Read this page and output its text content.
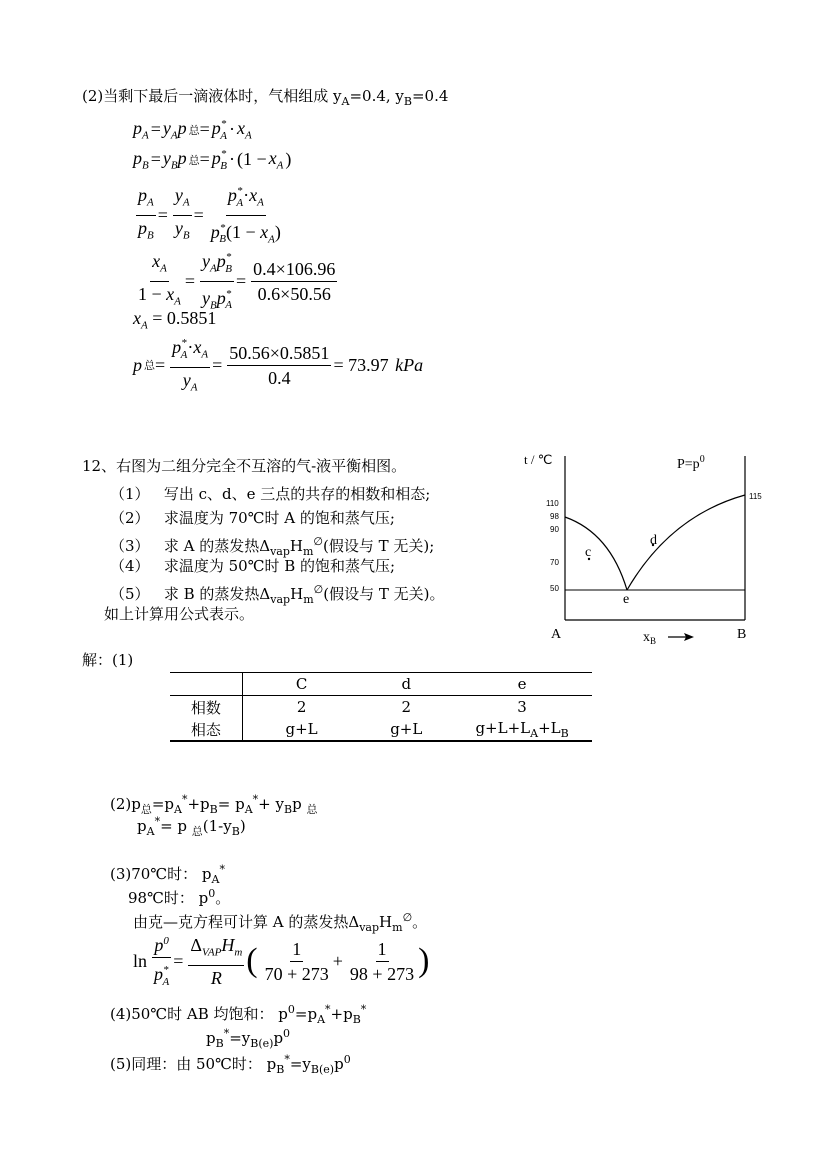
(2)当剩下最后一滴液体时，气相组成 $y_A=0.4$, $y_B=0.4$
$p_A = y_Ap$ 总 = $p^*_A \cdot x_A$
$p_B = y_Bp$ 总 = $p^*_B \cdot (1 - x_A$ )
$\frac{p_A}{p_B} = \frac{y_A}{y_B} = \frac{p^*_A\cdot x_A}{p^*_B(1 - x_A)}$
$\frac{x_A}{1 - x_A} = \frac{y_Ap^*_B}{y_Bp^*_A} = \frac{0.4\times 106.96}{0.6\times 50.56}$
$x_A = 0.5851$
p 总 = $\frac{p^*_A\cdot x_A}{y_A} = \frac{50.56\times 0.5851}{0.4} = 73.97$
kPa
12、右图为二组分完全不互溶的气-液平衡相图。
（1） 写出 c、d、e 三点的共存的相数和相态;
（2） 求温度为 70℃时 A 的饱和蒸气压;
（3） 求 A 的蒸发热$\Delta_{vap}H_m^\emptyset$(假设与 T 无关);
（4） 求温度为 50℃时 B 的饱和蒸气压;
（5） 求 B 的蒸发热$\Delta_{vap}H_m^\emptyset$(假设与 T 无关)。
如上计算用公式表示。
t / ℃	$P=p^0$
110
98
90
70
50
115
c
d
e
A	B
$x_B$
解：(1)
	C	d	e
相数	2	2	3
相态	g+L	g+L	$g+L+L_A+L_B$
$(2)p_总=p_A^*+p_B= p_A^*+ y_Bp$ $_总$
$p_A^*= p$ $_总(1-y_B)$
(3)70℃时： $p_A^*$
98℃时： $p^0$。
由克—克方程可计算 A 的蒸发热$\Delta_{vap}H_m^\emptyset$。
$\ln \frac{p^0}{p^*_A} = \frac{\Delta_{VAP}H_m}{R}$ ( $\frac{1}{70 + 273} + \frac{1}{98 + 273}$ )
(4)50℃时 AB 均饱和： $p^0=p_A^*+p_B^*$
$p_B^*=y_{B(e)}p^0$
(5)同理：由 50℃时： $p_B^*=y_{B(e)}p^0$
